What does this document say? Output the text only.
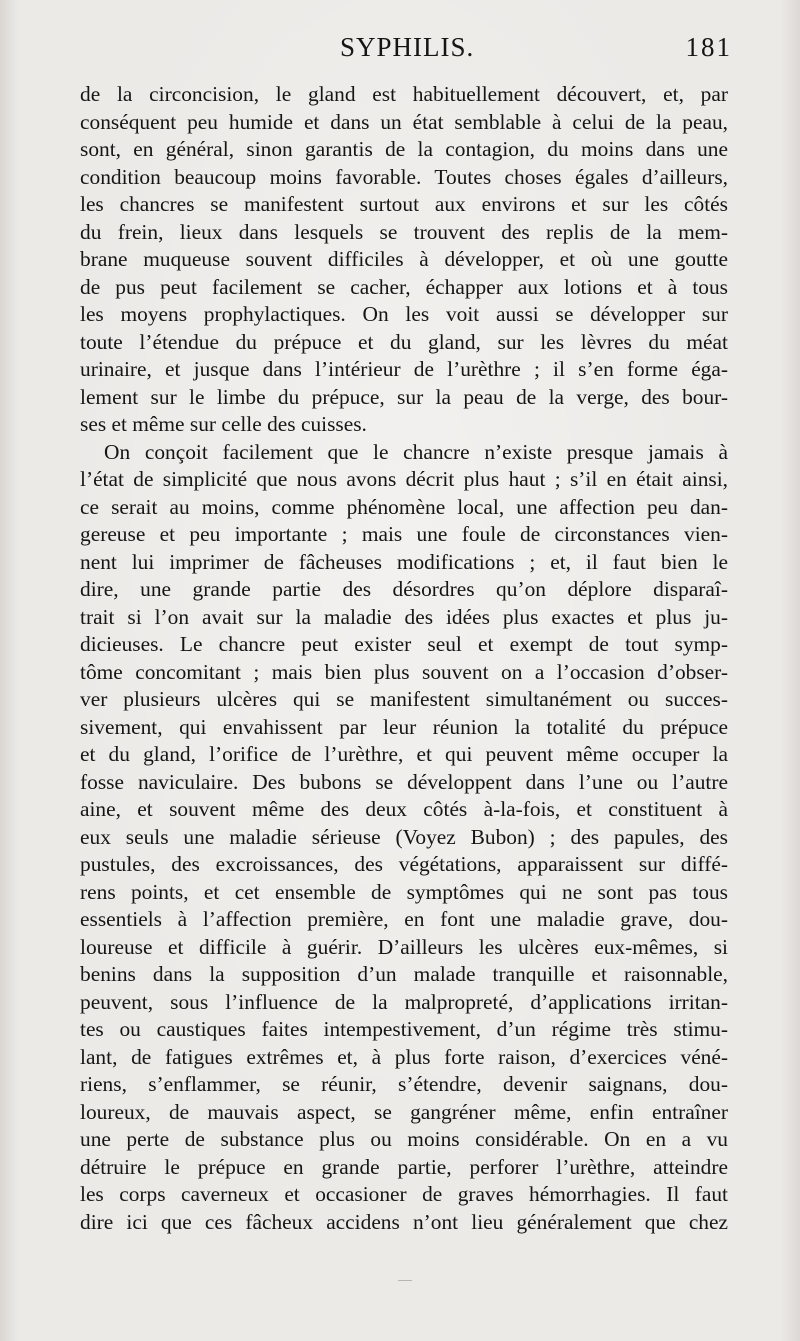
SYPHILIS.	181
de la circoncision, le gland est habituellement découvert, et, par
conséquent peu humide et dans un état semblable à celui de la peau,
sont, en général, sinon garantis de la contagion, du moins dans une
condition beaucoup moins favorable. Toutes choses égales d’ailleurs,
les chancres se manifestent surtout aux environs et sur les côtés
du frein, lieux dans lesquels se trouvent des replis de la mem-
brane muqueuse souvent difficiles à développer, et où une goutte
de pus peut facilement se cacher, échapper aux lotions et à tous
les moyens prophylactiques. On les voit aussi se développer sur
toute l’étendue du prépuce et du gland, sur les lèvres du méat
urinaire, et jusque dans l’intérieur de l’urèthre ; il s’en forme éga-
lement sur le limbe du prépuce, sur la peau de la verge, des bour-
ses et même sur celle des cuisses.
On conçoit facilement que le chancre n’existe presque jamais à
l’état de simplicité que nous avons décrit plus haut ; s’il en était ainsi,
ce serait au moins, comme phénomène local, une affection peu dan-
gereuse et peu importante ; mais une foule de circonstances vien-
nent lui imprimer de fâcheuses modifications ; et, il faut bien le
dire, une grande partie des désordres qu’on déplore disparaî-
trait si l’on avait sur la maladie des idées plus exactes et plus ju-
dicieuses. Le chancre peut exister seul et exempt de tout symp-
tôme concomitant ; mais bien plus souvent on a l’occasion d’obser-
ver plusieurs ulcères qui se manifestent simultanément ou succes-
sivement, qui envahissent par leur réunion la totalité du prépuce
et du gland, l’orifice de l’urèthre, et qui peuvent même occuper la
fosse naviculaire. Des bubons se développent dans l’une ou l’autre
aine, et souvent même des deux côtés à-la-fois, et constituent à
eux seuls une maladie sérieuse (Voyez Bubon) ; des papules, des
pustules, des excroissances, des végétations, apparaissent sur diffé-
rens points, et cet ensemble de symptômes qui ne sont pas tous
essentiels à l’affection première, en font une maladie grave, dou-
loureuse et difficile à guérir. D’ailleurs les ulcères eux-mêmes, si
benins dans la supposition d’un malade tranquille et raisonnable,
peuvent, sous l’influence de la malpropreté, d’applications irritan-
tes ou caustiques faites intempestivement, d’un régime très stimu-
lant, de fatigues extrêmes et, à plus forte raison, d’exercices véné-
riens, s’enflammer, se réunir, s’étendre, devenir saignans, dou-
loureux, de mauvais aspect, se gangréner même, enfin entraîner
une perte de substance plus ou moins considérable. On en a vu
détruire le prépuce en grande partie, perforer l’urèthre, atteindre
les corps caverneux et occasioner de graves hémorrhagies. Il faut
dire ici que ces fâcheux accidens n’ont lieu généralement que chez
